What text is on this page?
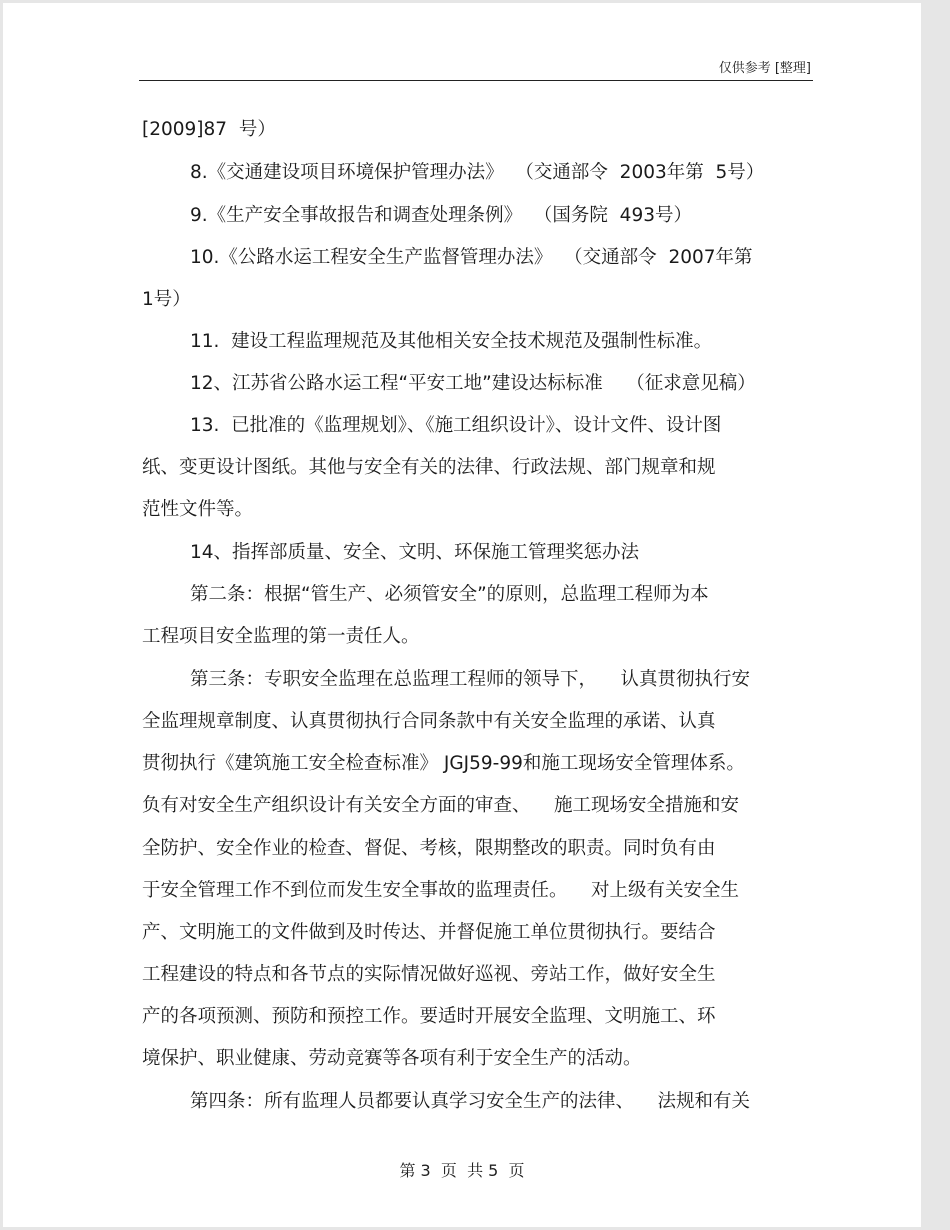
仅供参考 [整理]
[2009]87  号）
8.《交通建设项目环境保护管理办法》  （交通部令  2003年第  5号）
9.《生产安全事故报告和调查处理条例》  （国务院  493号）
10.《公路水运工程安全生产监督管理办法》  （交通部令  2007年第
1号）
11.  建设工程监理规范及其他相关安全技术规范及强制性标准。
12、江苏省公路水运工程“平安工地”建设达标标准    （征求意见稿）
13.  已批准的《监理规划》、《施工组织设计》、设计文件、设计图
纸、变更设计图纸。其他与安全有关的法律、行政法规、部门规章和规
范性文件等。
14、指挥部质量、安全、文明、环保施工管理奖惩办法
第二条：根据“管生产、必须管安全”的原则，总监理工程师为本
工程项目安全监理的第一责任人。
第三条：专职安全监理在总监理工程师的领导下，    认真贯彻执行安
全监理规章制度、认真贯彻执行合同条款中有关安全监理的承诺、认真
贯彻执行《建筑施工安全检查标准》 JGJ59-99和施工现场安全管理体系。
负有对安全生产组织设计有关安全方面的审查、    施工现场安全措施和安
全防护、安全作业的检查、督促、考核，限期整改的职责。同时负有由
于安全管理工作不到位而发生安全事故的监理责任。    对上级有关安全生
产、文明施工的文件做到及时传达、并督促施工单位贯彻执行。要结合
工程建设的特点和各节点的实际情况做好巡视、旁站工作，做好安全生
产的各项预测、预防和预控工作。要适时开展安全监理、文明施工、环
境保护、职业健康、劳动竞赛等各项有利于安全生产的活动。
第四条：所有监理人员都要认真学习安全生产的法律、    法规和有关
第 3  页  共 5  页
